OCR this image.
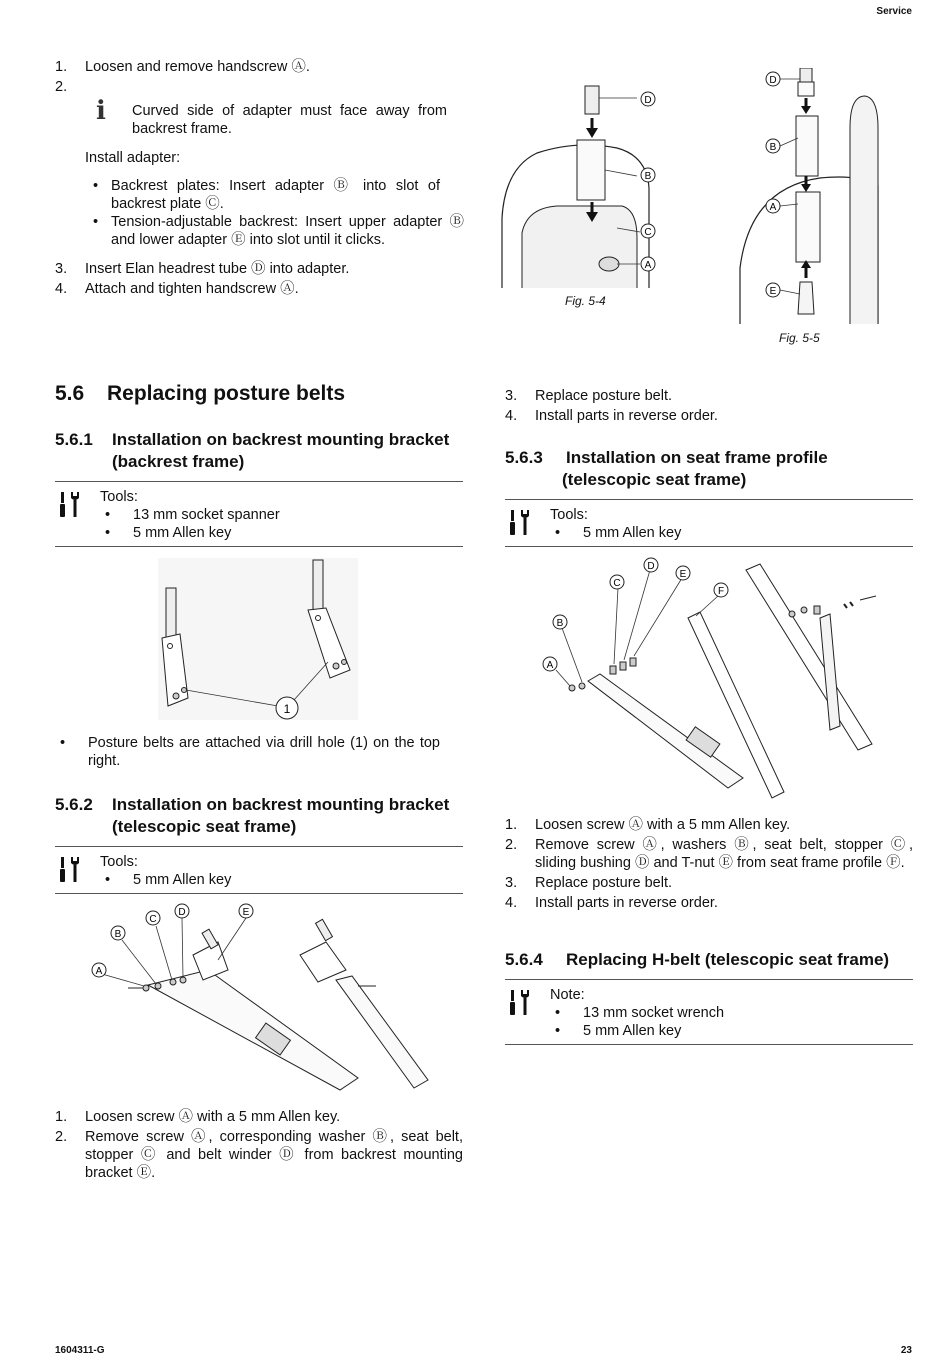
Service
1.	Loosen and remove handscrew Ⓐ.
2.
ℹ Curved side of adapter must face away from backrest frame.
Install adapter:
• Backrest plates: Insert adapter Ⓑ into slot of backrest plate Ⓒ.
• Tension-adjustable backrest: Insert upper adapter Ⓑ and lower adapter Ⓔ into slot until it clicks.
3.	Insert Elan headrest tube Ⓓ into adapter.
4.	Attach and tighten handscrew Ⓐ.
D
B
C
A
Fig. 5-4
D
B
A
E
Fig. 5-5
5.6 Replacing posture belts
5.6.1 Installation on backrest mounting bracket
(backrest frame)
Tools:
•	13 mm socket spanner
•	5 mm Allen key
1
•	Posture belts are attached via drill hole (1) on the top right.
5.6.2 Installation on backrest mounting bracket
(telescopic seat frame)
Tools:
•	5 mm Allen key
A
B
C
D	E
1.	Loosen screw Ⓐ with a 5 mm Allen key.
2.	Remove screw Ⓐ, corresponding washer Ⓑ, seat belt, stopper Ⓒ and belt winder Ⓓ from backrest mounting bracket Ⓔ.
3.	Replace posture belt.
4.	Install parts in reverse order.
5.6.3 Installation on seat frame profile
(telescopic seat frame)
Tools:
•	5 mm Allen key
A
B
C
D
E
F
1.	Loosen screw Ⓐ with a 5 mm Allen key.
2.	Remove screw Ⓐ, washers Ⓑ, seat belt, stopper Ⓒ, sliding bushing Ⓓ and T-nut Ⓔ from seat frame profile Ⓕ.
3.	Replace posture belt.
4.	Install parts in reverse order.
5.6.4 Replacing H-belt (telescopic seat frame)
Note:
•	13 mm socket wrench
•	5 mm Allen key
1604311-G	23
